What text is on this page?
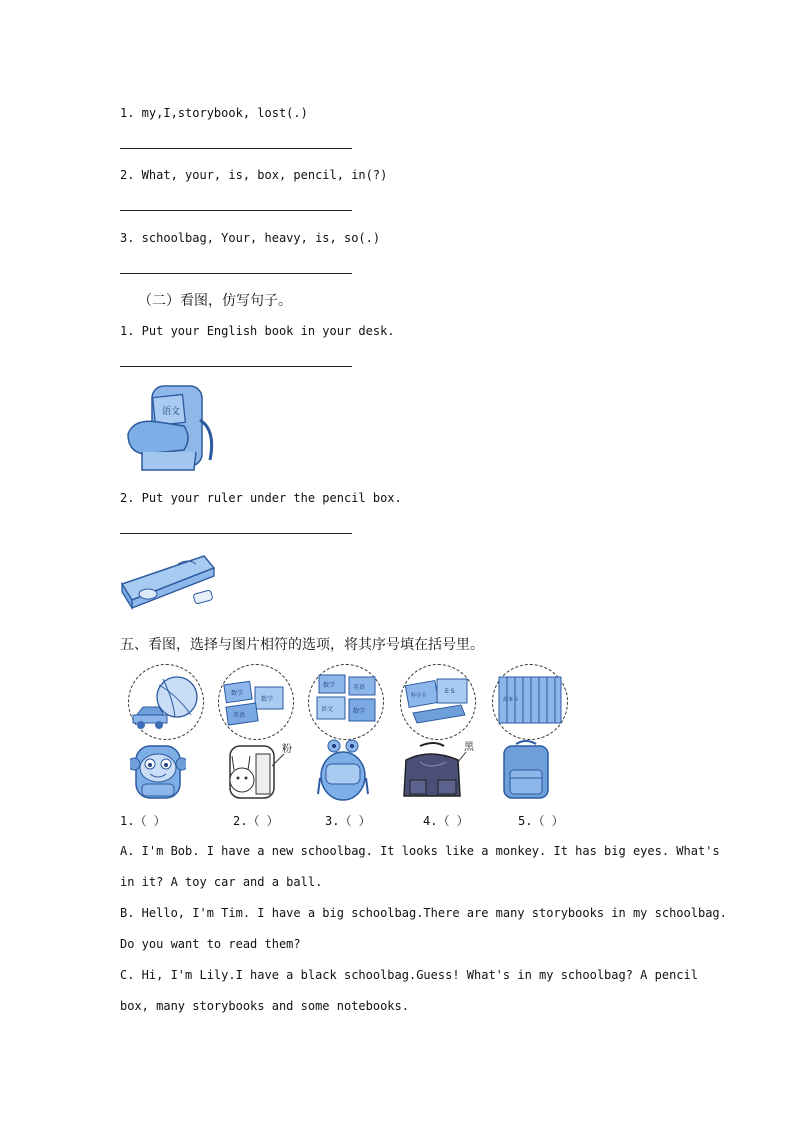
1. my,I,storybook, lost(.)
2. What, your, is, box, pencil, in(?)
3. schoolbag, Your, heavy, is, so(.)
（二）看图，仿写句子。
1. Put your English book in your desk.
语文
2. Put your ruler under the pencil box.
五、看图，选择与图片相符的选项，将其序号填在括号里。
数学
数学
英语
数学
语文
英语
数学
科学书
E·S
故事书
粉	黑
1.（ ）	2.（ ）	3.（ ）	4.（ ）	5.（ ）
A. I'm Bob. I have a new schoolbag. It looks like a monkey. It has big eyes. What's
in it? A toy car and a ball.
B. Hello, I'm Tim. I have a big schoolbag.There are many storybooks in my schoolbag.
Do you want to read them?
C. Hi, I'm Lily.I have a black schoolbag.Guess! What's in my schoolbag? A pencil
box, many storybooks and some notebooks.
